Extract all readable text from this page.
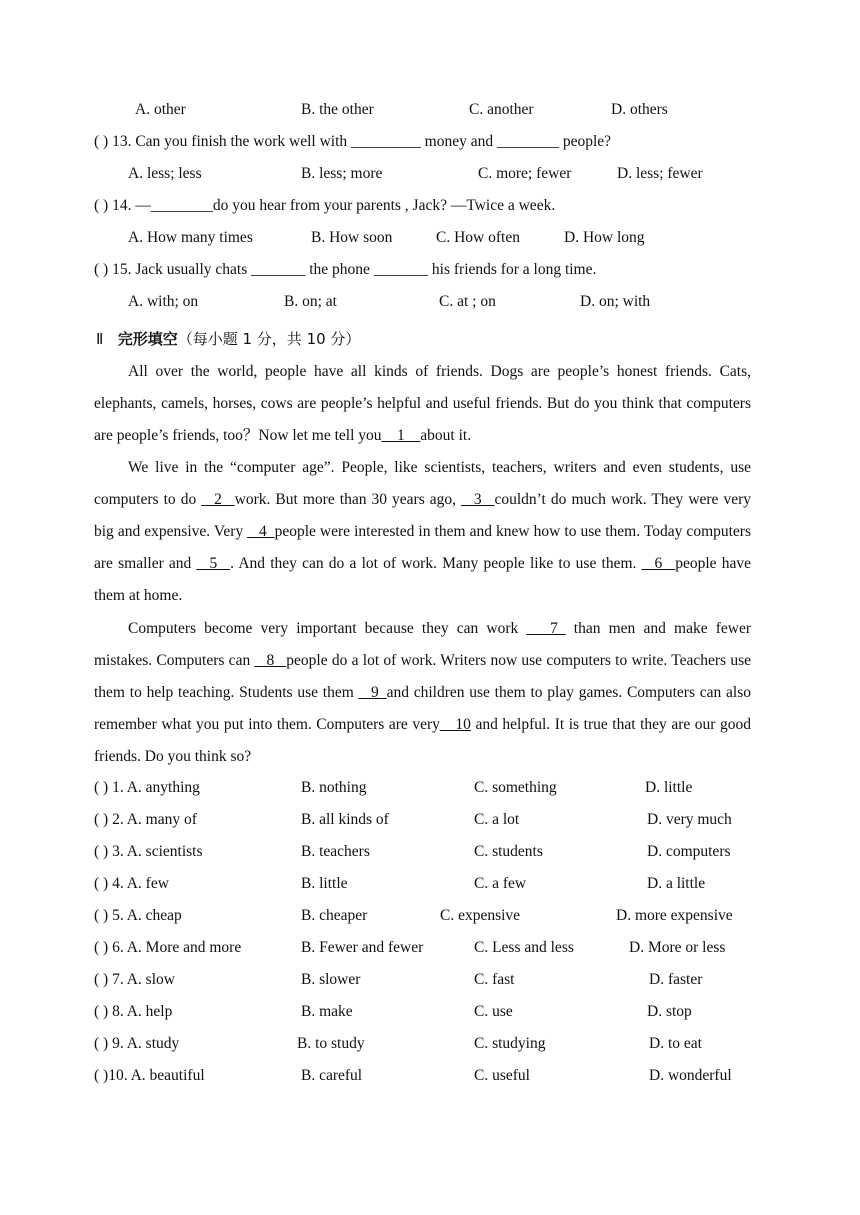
A. other	B. the other	C. another	D. others
( ) 13. Can you finish the work well with _________ money and ________ people?
A. less; less	B. less; more	C. more; fewer	D. less; fewer
( ) 14. —________do you hear from your parents , Jack? —Twice a week.
A. How many times	B. How soon	C. How often	D. How long
( ) 15. Jack usually chats _______ the phone _______ his friends for a long time.
A. with; on	B. on; at	C. at ; on	D. on; with
Ⅱ 完形填空（每小题 1 分，共 10 分）
All over the world, people have all kinds of friends. Dogs are people’s honest friends. Cats, elephants, camels, horses, cows are people’s helpful and useful friends. But do you think that computers are people’s friends, too？Now let me tell you__1__about it.
We live in the “computer age”. People, like scientists, teachers, writers and even students, use computers to do _ 2_ work. But more than 30 years ago, _ 3_ couldn’t do much work. They were very big and expensive. Very _ 4_people were interested in them and knew how to use them. Today computers are smaller and _ 5_ . And they can do a lot of work. Many people like to use them. _ 6_ people have them at home.
Computers become very important because they can work __ 7_ than men and make fewer mistakes. Computers can _ 8_ people do a lot of work. Writers now use computers to write. Teachers use them to help teaching. Students use them _ 9_and children use them to play games. Computers can also remember what you put into them. Computers are very__10 and helpful. It is true that they are our good friends. Do you think so?
( ) 1. A. anything	B. nothing	C. something	D. little
( ) 2. A. many of	B. all kinds of	C. a lot	D. very much
( ) 3. A. scientists	B. teachers	C. students	D. computers
( ) 4. A. few	B. little	C. a few	D. a little
( ) 5. A. cheap	B. cheaper	C. expensive	D. more expensive
( ) 6. A. More and more	B. Fewer and fewer	C. Less and less	D. More or less
( ) 7. A. slow	B. slower	C. fast	D. faster
( ) 8. A. help	B. make	C. use	D. stop
( ) 9. A. study	B. to study	C. studying	D. to eat
( )10. A. beautiful	B. careful	C. useful	D. wonderful
